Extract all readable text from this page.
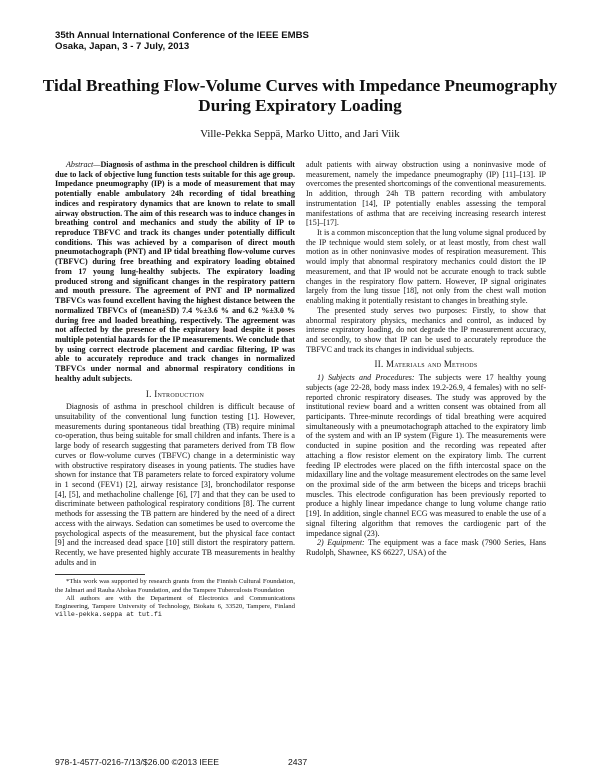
35th Annual International Conference of the IEEE EMBS
Osaka, Japan, 3 - 7 July, 2013
Tidal Breathing Flow-Volume Curves with Impedance Pneumography During Expiratory Loading
Ville-Pekka Seppä, Marko Uitto, and Jari Viik

Abstract—Diagnosis of asthma in the preschool children is difficult due to lack of objective lung function tests suitable for this age group. Impedance pneumography (IP) is a mode of measurement that may potentially enable ambulatory 24h recording of tidal breathing indices and respiratory dynamics that are known to relate to small airway obstruction. The aim of this research was to induce changes in breathing control and mechanics and study the ability of IP to reproduce TBFVC and track its changes under potentially difficult conditions. This was achieved by a comparison of direct mouth pneumotachograph (PNT) and IP tidal breathing flow-volume curves (TBFVC) during free breathing and expiratory loading obtained from 17 young lung-healthy subjects. The expiratory loading produced strong and significant changes in the respiratory pattern and mouth pressure. The agreement of PNT and IP normalized TBFVCs was found excellent having the highest distance between the normalized TBFVCs of (mean±SD) 7.4 %±3.6 % and 6.2 %±3.0 % during free and loaded breathing, respectively. The agreement was not affected by the presence of the expiratory load despite it poses multiple potential hazards for the IP measurements. We conclude that by using correct electrode placement and cardiac filtering, IP was able to accurately reproduce and track changes in normalized TBFVCs under normal and abnormal respiratory conditions in healthy adult subjects.

I. Introduction

Diagnosis of asthma in preschool children is difficult because of unsuitability of the conventional lung function testing [1]. However, measurements during spontaneous tidal breathing (TB) require minimal co-operation, thus being suitable for small children and infants. There is a large body of research suggesting that parameters derived from TB flow curves or flow-volume curves (TBFVC) change in a deterministic way with obstructive respiratory diseases in young patients. The studies have shown for instance that TB parameters relate to forced expiratory volume in 1 second (FEV1) [2], airway resistance [3], bronchodilator response [4], [5], and methacholine challenge [6], [7] and that they can be used to discriminate between pathological respiratory conditions [8]. The current methods for assessing the TB pattern are hindered by the need of a direct access with the airways. Sedation can sometimes be used to overcome the psychological aspects of the measurement, but the physical face contact [9] and the increased dead space [10] still distort the respiratory pattern. Recently, we have presented highly accurate TB measurements in healthy adults and in

*This work was supported by research grants from the Finnish Cultural Foundation, the Jalmari and Rauha Ahokas Foundation, and the Tampere Tuberculosis Foundation

All authors are with the Department of Electronics and Communications Engineering, Tampere University of Technology, Biokatu 6, 33520, Tampere, Finland ville-pekka.seppa at tut.fi

adult patients with airway obstruction using a noninvasive mode of measurement, namely the impedance pneumography (IP) [11]–[13]. IP overcomes the presented shortcomings of the conventional measurements. In addition, through 24h TB pattern recording with ambulatory instrumentation [14], IP potentially enables assessing the temporal manifestations of asthma that are receiving increasing research interest [15]–[17].

It is a common misconception that the lung volume signal produced by the IP technique would stem solely, or at least mostly, from chest wall motion as in other noninvasive modes of respiration measurement. This would imply that abnormal respiratory mechanics could distort the IP measurement, and that IP would not be accurate enough to track subtle changes in the respiratory flow pattern. However, IP signal originates largely from the lung tissue [18], not only from the chest wall motion enabling making it potentially resistant to changes in breathing style.

The presented study serves two purposes: Firstly, to show that abnormal respiratory physics, mechanics and control, as induced by intense expiratory loading, do not degrade the IP measurement accuracy, and secondly, to show that IP can be used to accurately reproduce the TBFVC and track its changes in individual subjects.

II. Materials and Methods

1) Subjects and Procedures: The subjects were 17 healthy young subjects (age 22-28, body mass index 19.2-26.9, 4 females) with no self-reported chronic respiratory diseases. The study was approved by the institutional review board and a written consent was obtained from all participants. Three-minute recordings of tidal breathing were acquired simultaneously with a pneumotachograph attached to the expiratory limb of the system and with an IP system (Figure 1). The measurements were conducted in supine position and the recording was repeated after attaching a flow resistor element on the expiratory limb. The current feeding IP electrodes were placed on the fifth intercostal space on the midaxillary line and the voltage measurement electrodes on the same level on the proximal side of the arm between the biceps and triceps brachii muscles. This electrode configuration has been previously reported to produce a highly linear impedance change to lung volume change ratio [19]. In addition, single channel ECG was measured to enable the use of a signal filtering algorithm that removes the cardiogenic part of the impedance signal (23).

2) Equipment: The equipment was a face mask (7900 Series, Hans Rudolph, Shawnee, KS 66227, USA) of the

978-1-4577-0216-7/13/$26.00 ©2013 IEEE	2437
